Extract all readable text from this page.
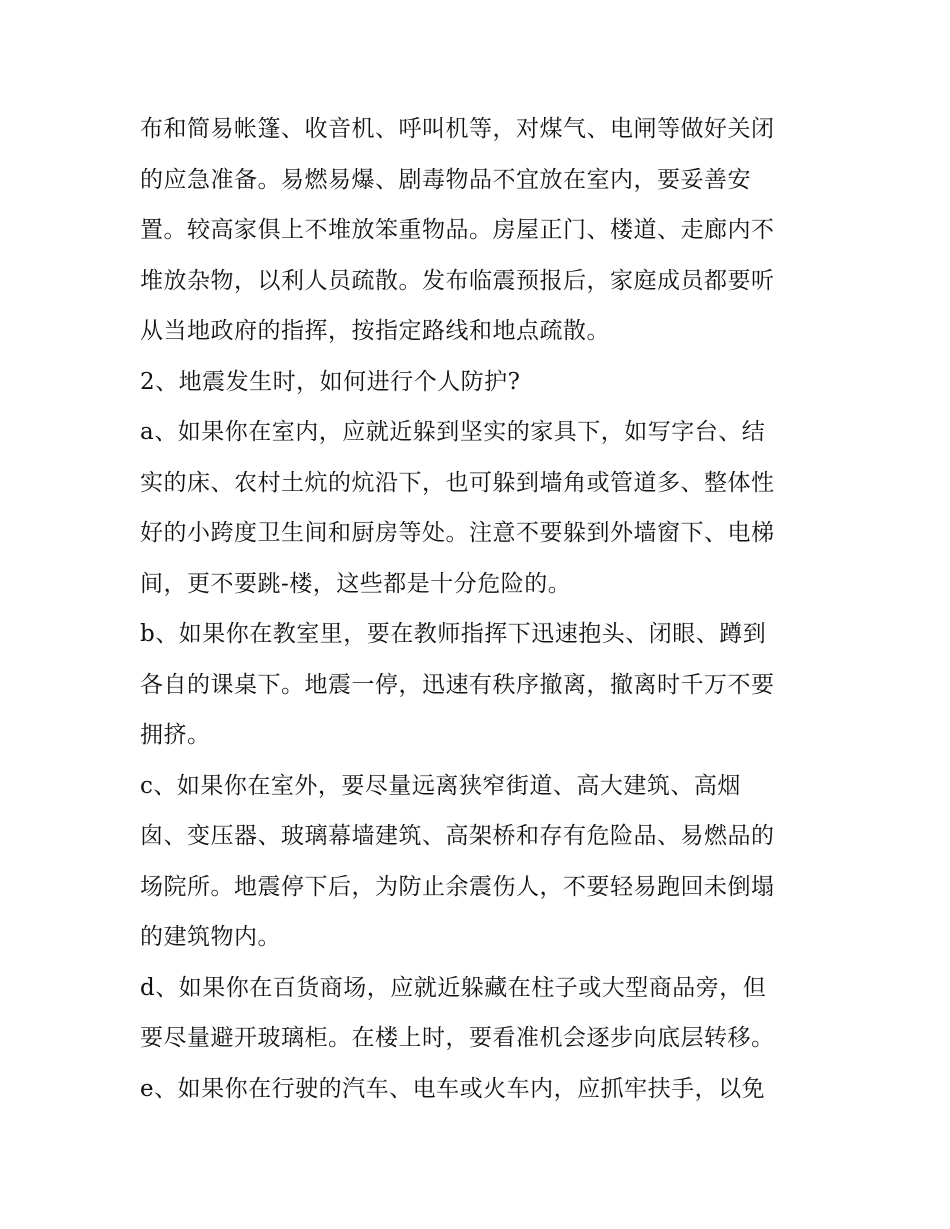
布和简易帐篷、收音机、呼叫机等，对煤气、电闸等做好关闭
的应急准备。易燃易爆、剧毒物品不宜放在室内，要妥善安
置。较高家俱上不堆放笨重物品。房屋正门、楼道、走廊内不
堆放杂物，以利人员疏散。发布临震预报后，家庭成员都要听
从当地政府的指挥，按指定路线和地点疏散。
2、地震发生时，如何进行个人防护?
a、如果你在室内，应就近躲到坚实的家具下，如写字台、结
实的床、农村土炕的炕沿下，也可躲到墙角或管道多、整体性
好的小跨度卫生间和厨房等处。注意不要躲到外墙窗下、电梯
间，更不要跳-楼，这些都是十分危险的。
b、如果你在教室里，要在教师指挥下迅速抱头、闭眼、蹲到
各自的课桌下。地震一停，迅速有秩序撤离，撤离时千万不要
拥挤。
c、如果你在室外，要尽量远离狭窄街道、高大建筑、高烟
囱、变压器、玻璃幕墙建筑、高架桥和存有危险品、易燃品的
场院所。地震停下后，为防止余震伤人，不要轻易跑回未倒塌
的建筑物内。
d、如果你在百货商场，应就近躲藏在柱子或大型商品旁，但
要尽量避开玻璃柜。在楼上时，要看准机会逐步向底层转移。
e、如果你在行驶的汽车、电车或火车内，应抓牢扶手，以免
